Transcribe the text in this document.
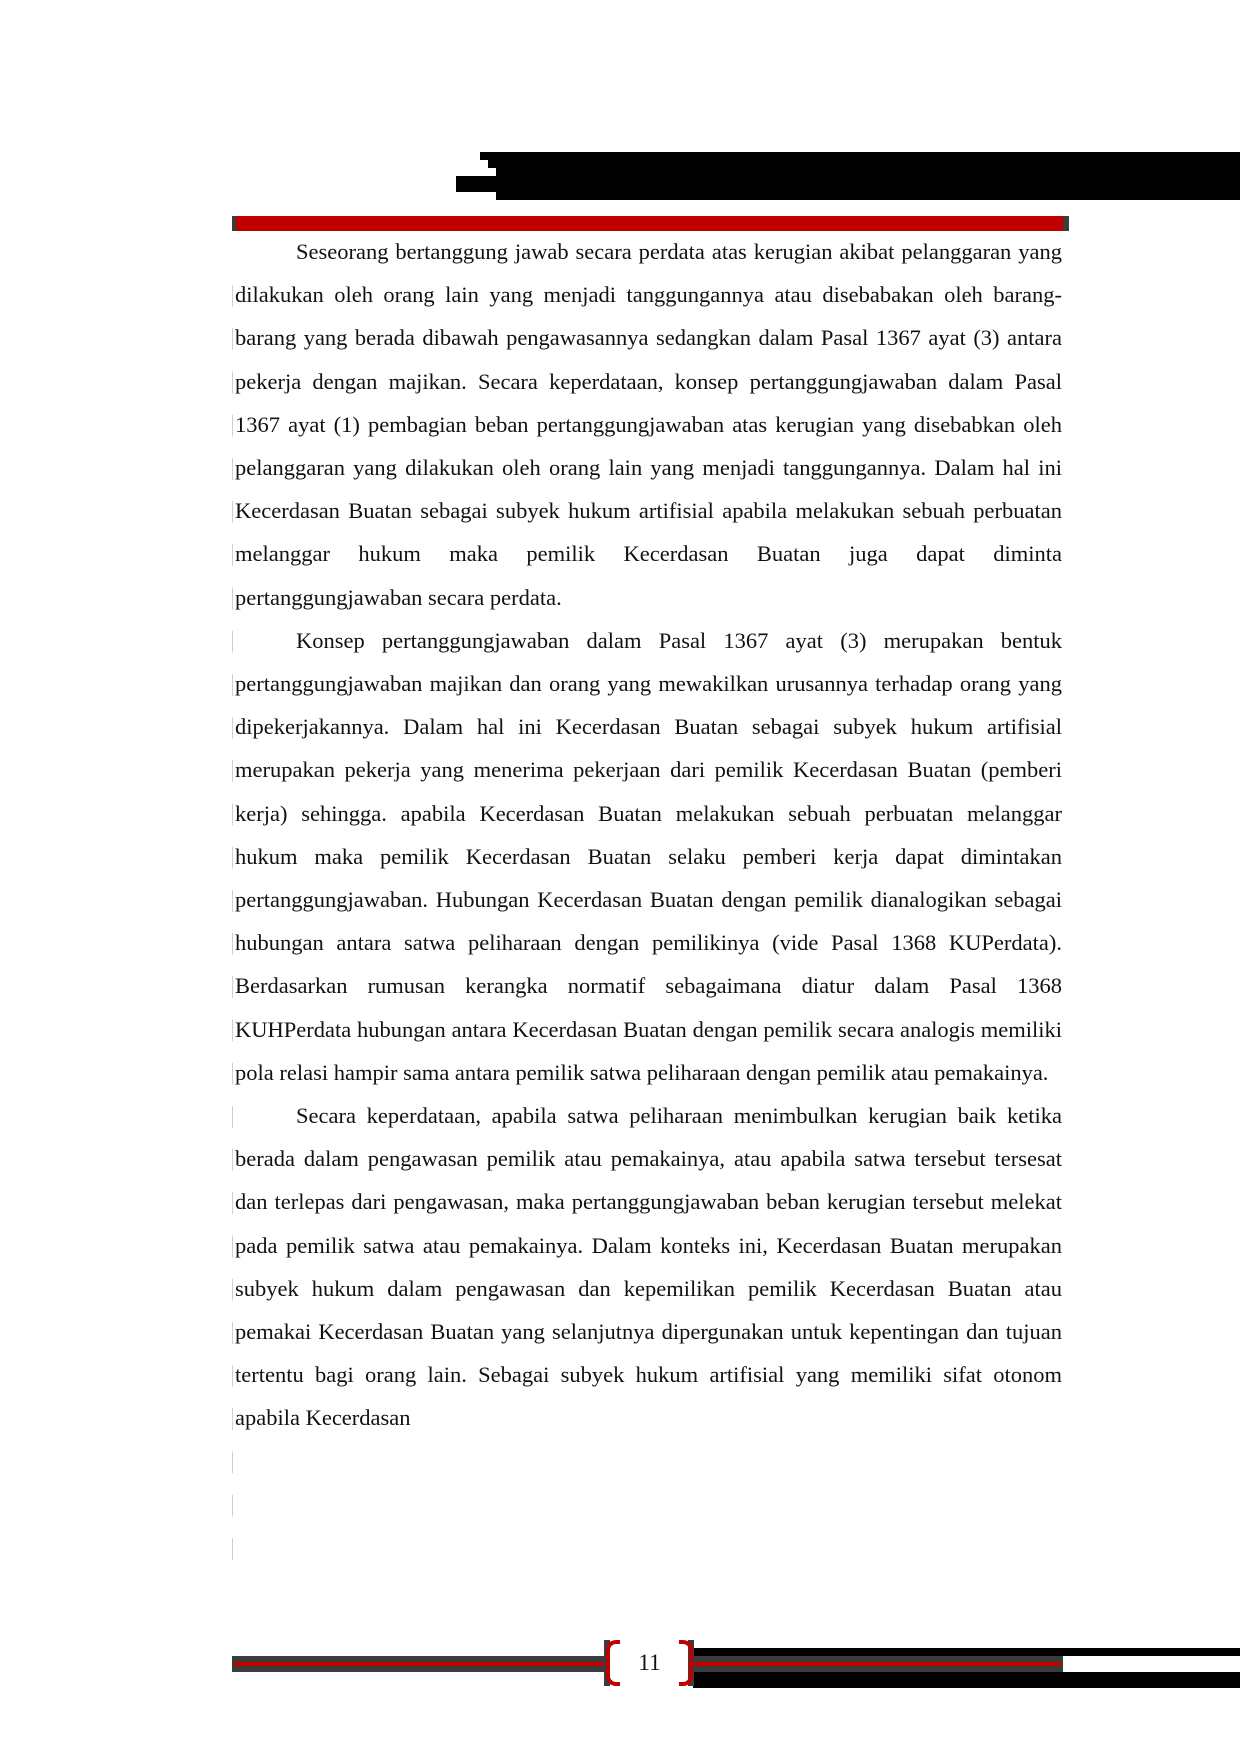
Seseorang bertanggung jawab secara perdata atas kerugian akibat pelanggaran yang dilakukan oleh orang lain yang menjadi tanggungannya atau disebabakan oleh barang-barang yang berada dibawah pengawasannya sedangkan dalam Pasal 1367 ayat (3) antara pekerja dengan majikan. Secara keperdataan, konsep pertanggungjawaban dalam Pasal 1367 ayat (1) pembagian beban pertanggungjawaban atas kerugian yang disebabkan oleh pelanggaran yang dilakukan oleh orang lain yang menjadi tanggungannya. Dalam hal ini Kecerdasan Buatan sebagai subyek hukum artifisial apabila melakukan sebuah perbuatan melanggar hukum maka pemilik Kecerdasan Buatan juga dapat diminta pertanggungjawaban secara perdata.

Konsep pertanggungjawaban dalam Pasal 1367 ayat (3) merupakan bentuk pertanggungjawaban majikan dan orang yang mewakilkan urusannya terhadap orang yang dipekerjakannya. Dalam hal ini Kecerdasan Buatan sebagai subyek hukum artifisial merupakan pekerja yang menerima pekerjaan dari pemilik Kecerdasan Buatan (pemberi kerja) sehingga. apabila Kecerdasan Buatan melakukan sebuah perbuatan melanggar hukum maka pemilik Kecerdasan Buatan selaku pemberi kerja dapat dimintakan pertanggungjawaban. Hubungan Kecerdasan Buatan dengan pemilik dianalogikan sebagai hubungan antara satwa peliharaan dengan pemilikinya (vide Pasal 1368 KUPerdata). Berdasarkan rumusan kerangka normatif sebagaimana diatur dalam Pasal 1368 KUHPerdata hubungan antara Kecerdasan Buatan dengan pemilik secara analogis memiliki pola relasi hampir sama antara pemilik satwa peliharaan dengan pemilik atau pemakainya.

Secara keperdataan, apabila satwa peliharaan menimbulkan kerugian baik ketika berada dalam pengawasan pemilik atau pemakainya, atau apabila satwa tersebut tersesat dan terlepas dari pengawasan, maka pertanggungjawaban beban kerugian tersebut melekat pada pemilik satwa atau pemakainya. Dalam konteks ini, Kecerdasan Buatan merupakan subyek hukum dalam pengawasan dan kepemilikan pemilik Kecerdasan Buatan atau pemakai Kecerdasan Buatan yang selanjutnya dipergunakan untuk kepentingan dan tujuan tertentu bagi orang lain. Sebagai subyek hukum artifisial yang memiliki sifat otonom apabila Kecerdasan

11
